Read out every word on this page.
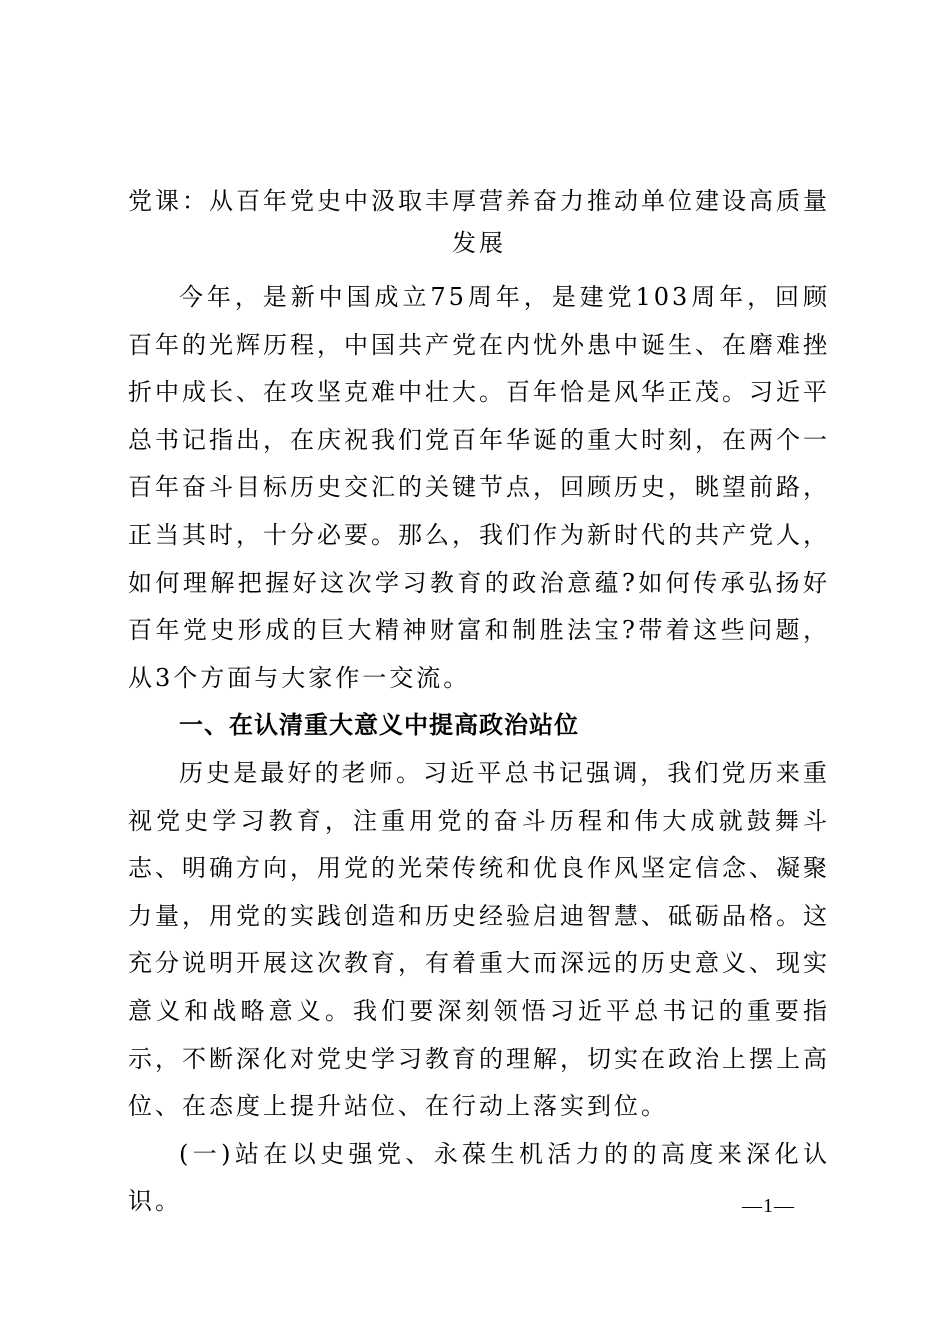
党课：从百年党史中汲取丰厚营养奋力推动单位建设高质量发展

今年，是新中国成立75周年，是建党103周年，回顾百年的光辉历程，中国共产党在内忧外患中诞生、在磨难挫折中成长、在攻坚克难中壮大。百年恰是风华正茂。习近平总书记指出，在庆祝我们党百年华诞的重大时刻，在两个一百年奋斗目标历史交汇的关键节点，回顾历史，眺望前路，正当其时，十分必要。那么，我们作为新时代的共产党人，如何理解把握好这次学习教育的政治意蕴?如何传承弘扬好百年党史形成的巨大精神财富和制胜法宝?带着这些问题，从3个方面与大家作一交流。

一、在认清重大意义中提高政治站位

历史是最好的老师。习近平总书记强调，我们党历来重视党史学习教育，注重用党的奋斗历程和伟大成就鼓舞斗志、明确方向，用党的光荣传统和优良作风坚定信念、凝聚力量，用党的实践创造和历史经验启迪智慧、砥砺品格。这充分说明开展这次教育，有着重大而深远的历史意义、现实意义和战略意义。我们要深刻领悟习近平总书记的重要指示，不断深化对党史学习教育的理解，切实在政治上摆上高位、在态度上提升站位、在行动上落实到位。

(一)站在以史强党、永葆生机活力的的高度来深化认识。	—1—
